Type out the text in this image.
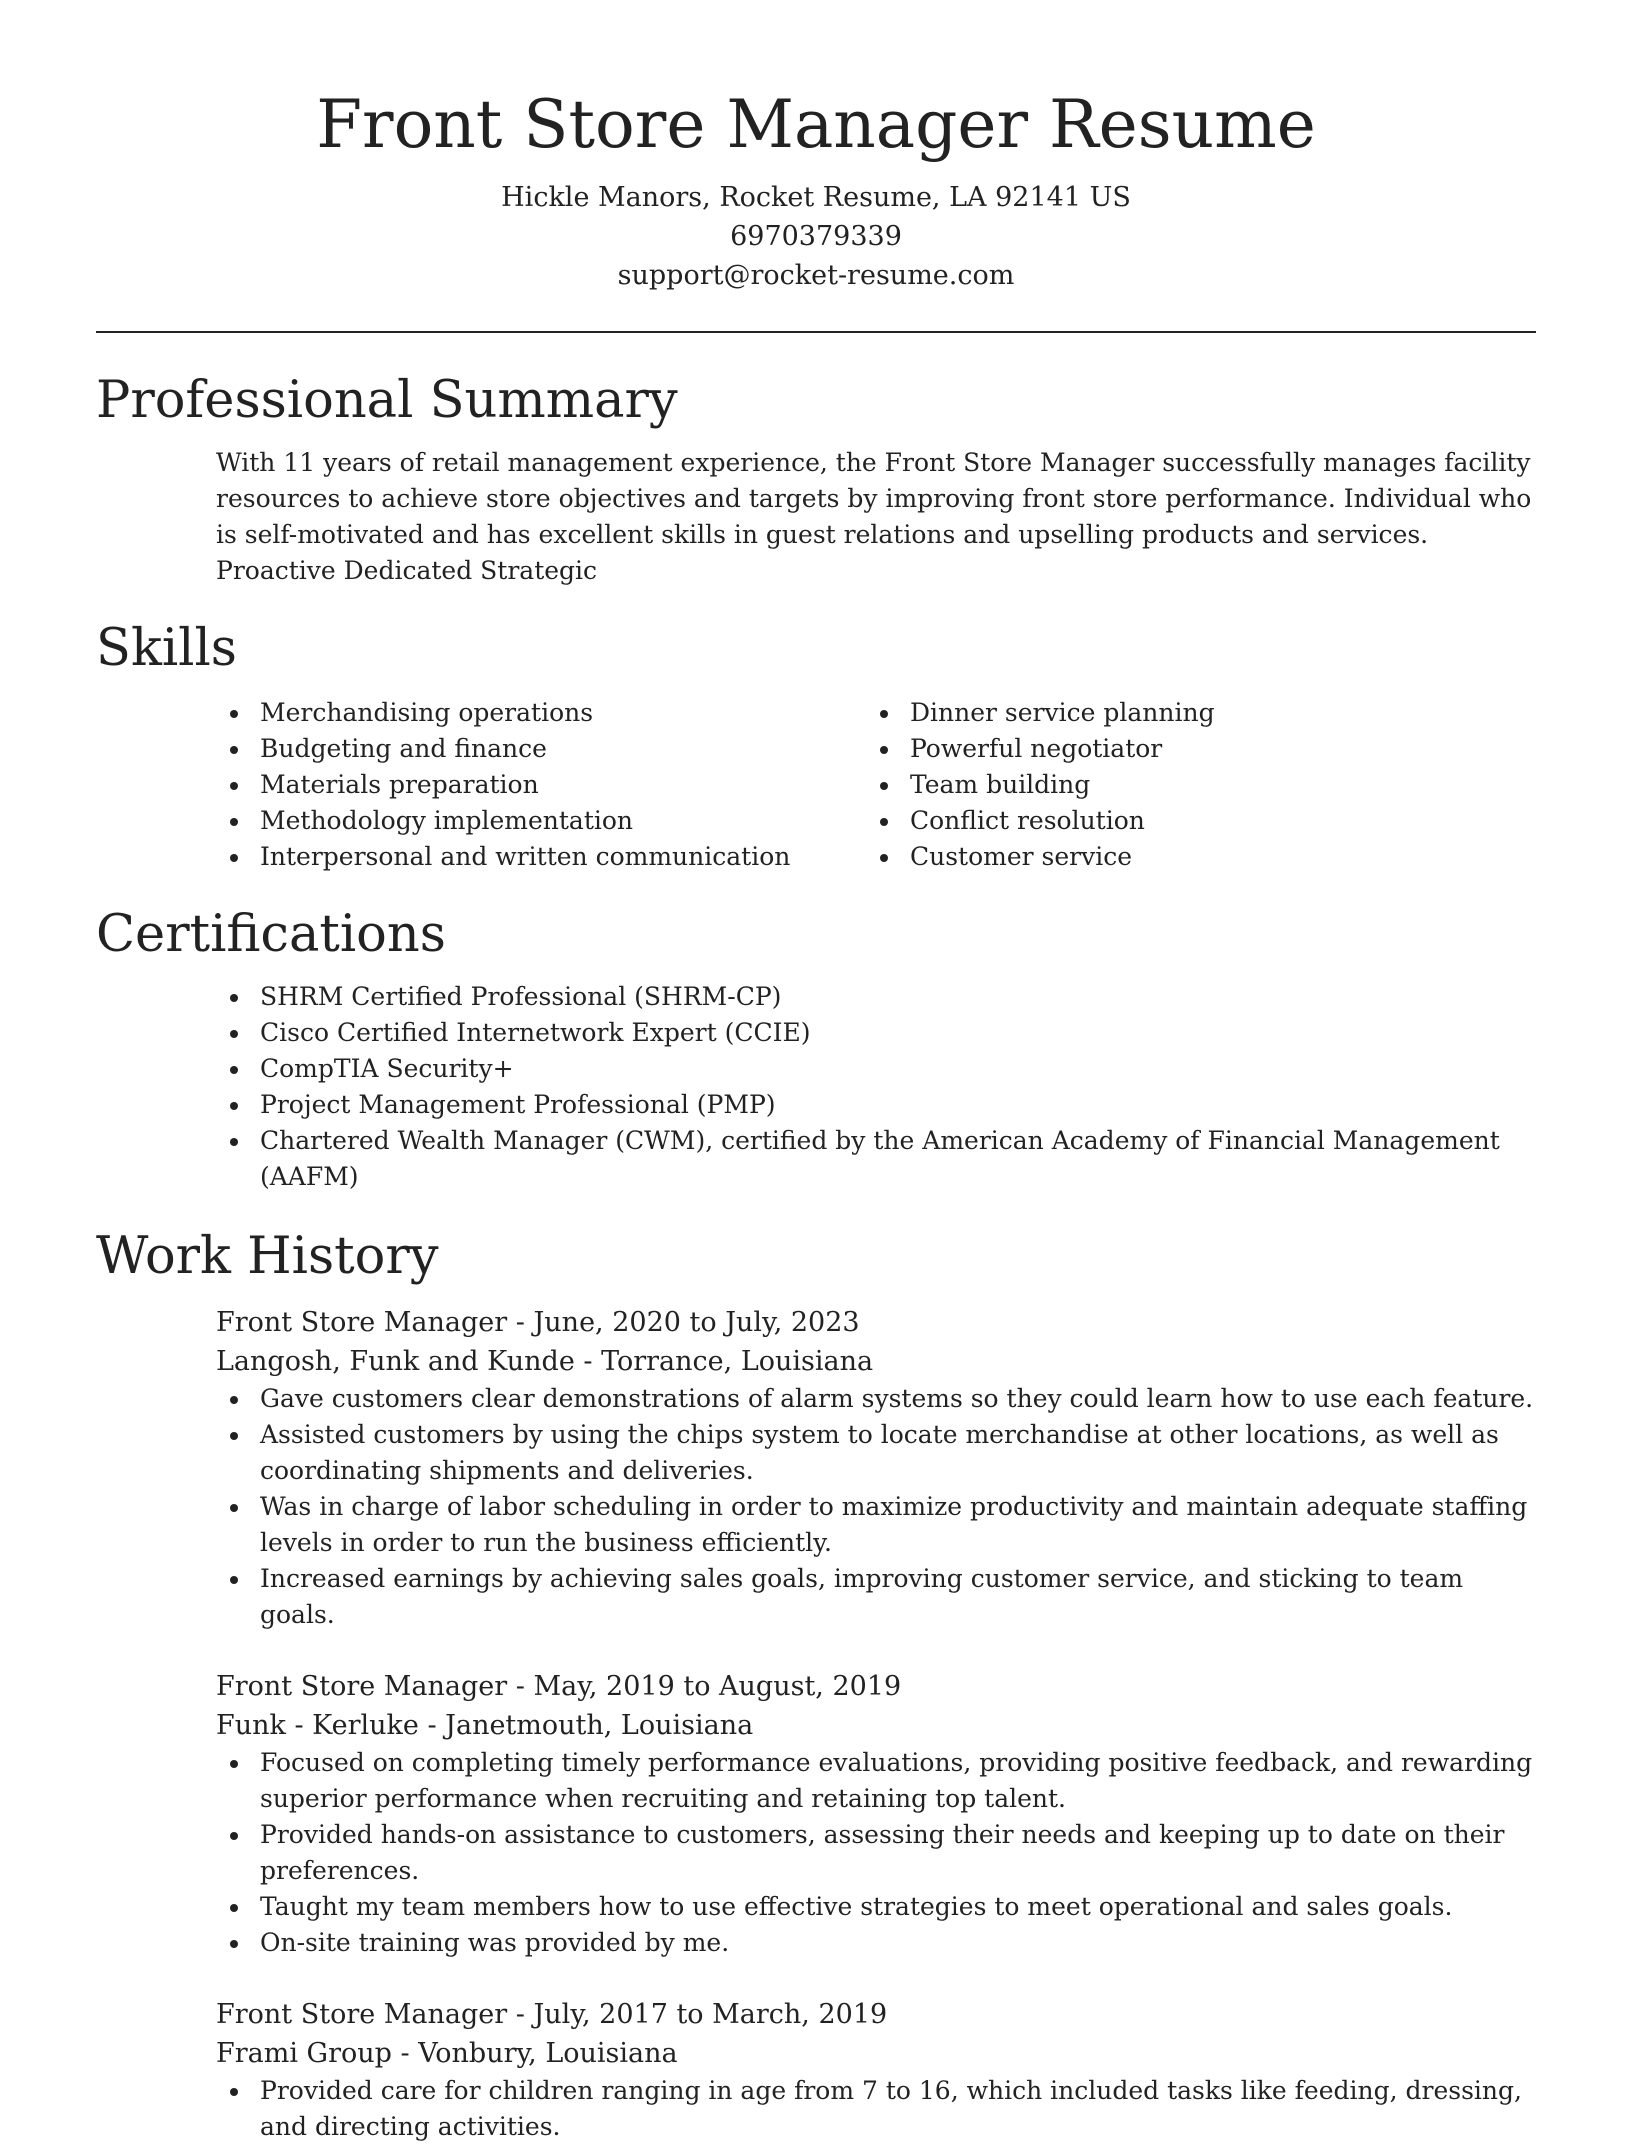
Front Store Manager Resume

Hickle Manors, Rocket Resume, LA 92141 US

6970379339

support@rocket-resume.com

Professional Summary

With 11 years of retail management experience, the Front Store Manager successfully manages facility resources to achieve store objectives and targets by improving front store performance. Individual who is self-motivated and has excellent skills in guest relations and upselling products and services. Proactive Dedicated Strategic

Skills
Merchandising operations
Budgeting and finance
Materials preparation
Methodology implementation
Interpersonal and written communication
Dinner service planning
Powerful negotiator
Team building
Conflict resolution
Customer service
Certifications
SHRM Certified Professional (SHRM-CP)
Cisco Certified Internetwork Expert (CCIE)
CompTIA Security+
Project Management Professional (PMP)
Chartered Wealth Manager (CWM), certified by the American Academy of Financial Management (AAFM)
Work History

Front Store Manager - June, 2020 to July, 2023

Langosh, Funk and Kunde - Torrance, Louisiana

Gave customers clear demonstrations of alarm systems so they could learn how to use each feature.
Assisted customers by using the chips system to locate merchandise at other locations, as well as coordinating shipments and deliveries.
Was in charge of labor scheduling in order to maximize productivity and maintain adequate staffing levels in order to run the business efficiently.
Increased earnings by achieving sales goals, improving customer service, and sticking to team goals.

Front Store Manager - May, 2019 to August, 2019

Funk - Kerluke - Janetmouth, Louisiana

Focused on completing timely performance evaluations, providing positive feedback, and rewarding superior performance when recruiting and retaining top talent.
Provided hands-on assistance to customers, assessing their needs and keeping up to date on their preferences.
Taught my team members how to use effective strategies to meet operational and sales goals.
On-site training was provided by me.

Front Store Manager - July, 2017 to March, 2019

Frami Group - Vonbury, Louisiana

Provided care for children ranging in age from 7 to 16, which included tasks like feeding, dressing, and directing activities.
